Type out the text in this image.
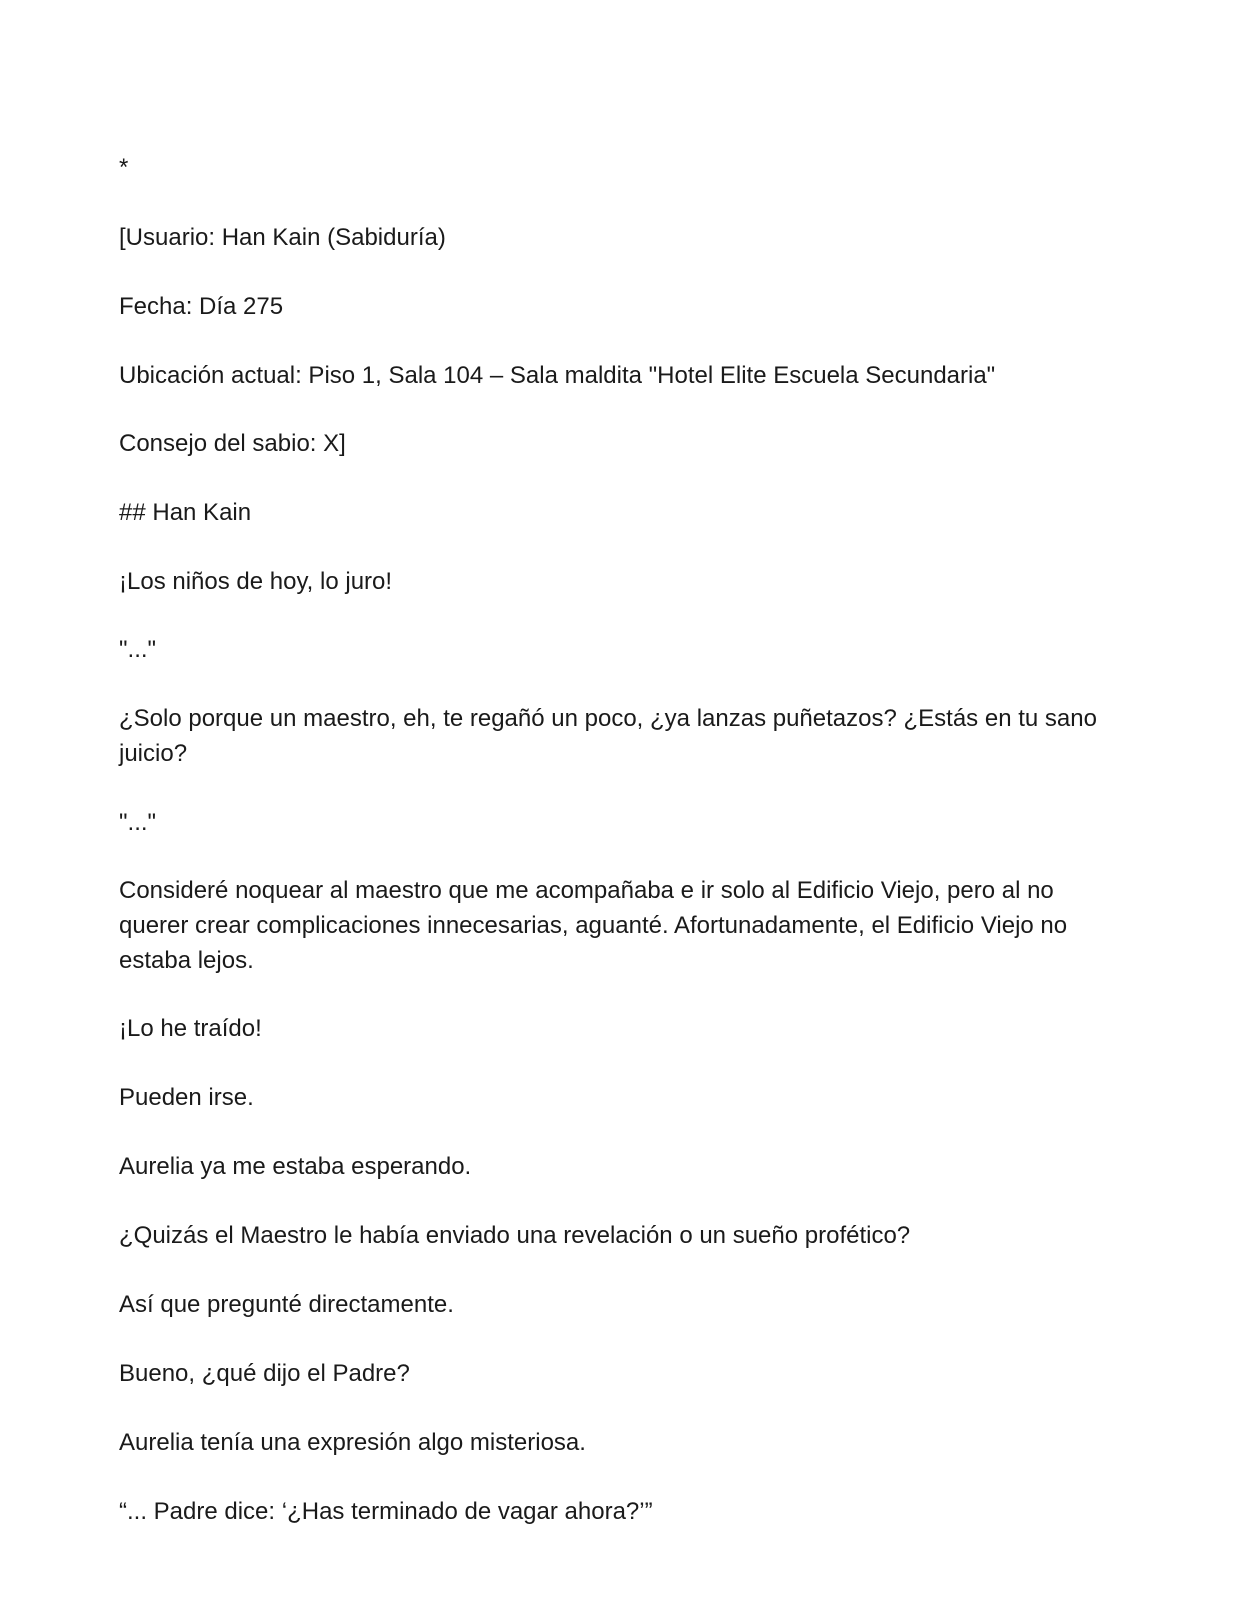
*

[Usuario: Han Kain (Sabiduría)

Fecha: Día 275

Ubicación actual: Piso 1, Sala 104 – Sala maldita "Hotel Elite Escuela Secundaria"

Consejo del sabio: X]

## Han Kain

¡Los niños de hoy, lo juro!

"..."

¿Solo porque un maestro, eh, te regañó un poco, ¿ya lanzas puñetazos? ¿Estás en tu sano juicio?

"..."

Consideré noquear al maestro que me acompañaba e ir solo al Edificio Viejo, pero al no querer crear complicaciones innecesarias, aguanté. Afortunadamente, el Edificio Viejo no estaba lejos.

¡Lo he traído!

Pueden irse.

Aurelia ya me estaba esperando.

¿Quizás el Maestro le había enviado una revelación o un sueño profético?

Así que pregunté directamente.

Bueno, ¿qué dijo el Padre?

Aurelia tenía una expresión algo misteriosa.

“... Padre dice: ‘¿Has terminado de vagar ahora?’”
